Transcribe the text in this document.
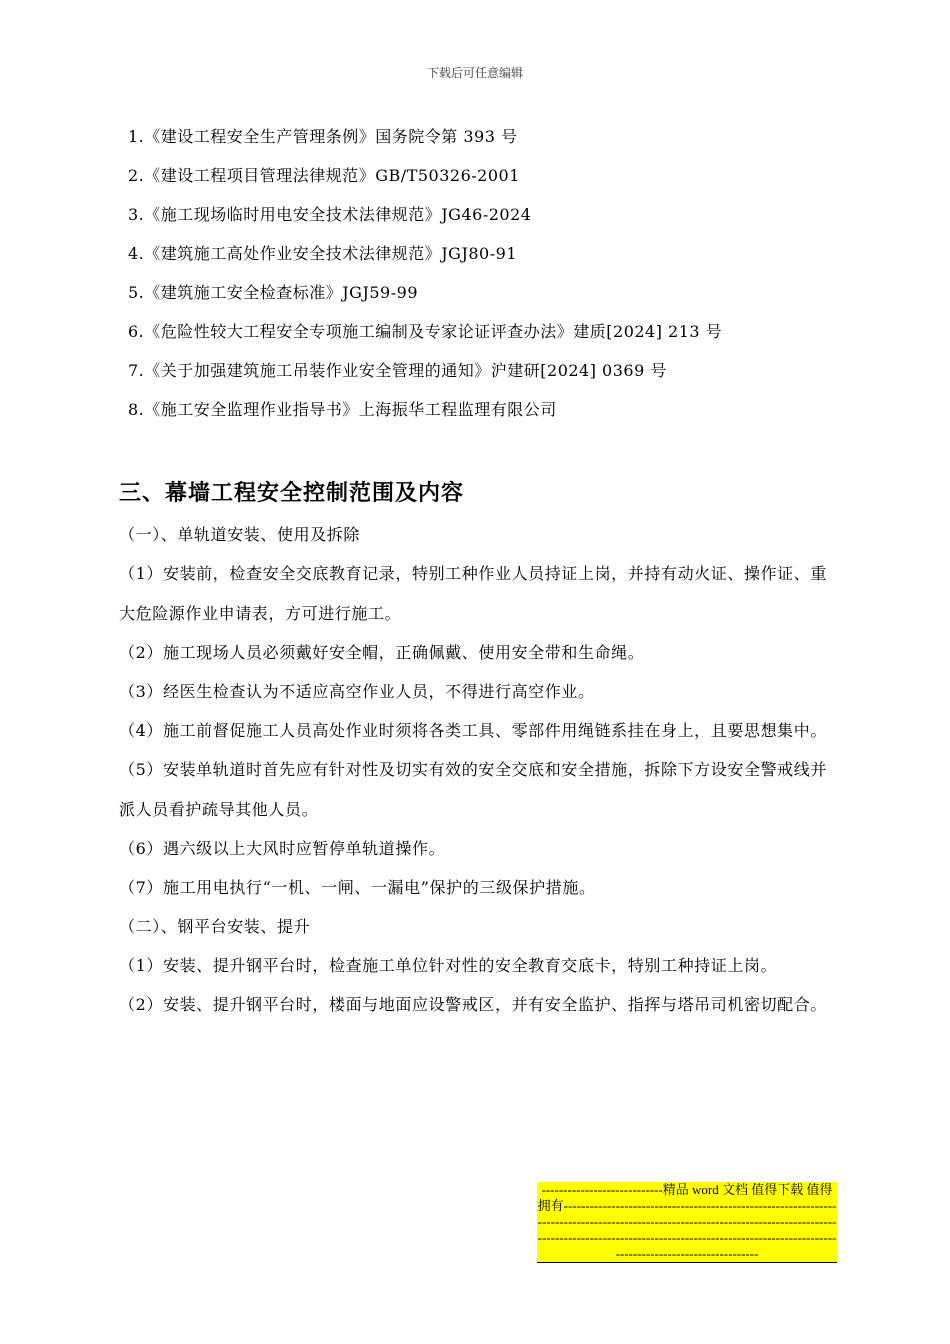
下载后可任意编辑
1.《建设工程安全生产管理条例》国务院令第 393 号
2.《建设工程项目管理法律规范》GB/T50326-2001
3.《施工现场临时用电安全技术法律规范》JG46-2024
4.《建筑施工高处作业安全技术法律规范》JGJ80-91
5.《建筑施工安全检查标准》JGJ59-99
6.《危险性较大工程安全专项施工编制及专家论证评查办法》建质[2024] 213 号
7.《关于加强建筑施工吊装作业安全管理的通知》沪建研[2024] 0369 号
8.《施工安全监理作业指导书》上海振华工程监理有限公司
三、幕墙工程安全控制范围及内容
（一）、单轨道安装、使用及拆除
（1）安装前，检查安全交底教育记录，特别工种作业人员持证上岗，并持有动火证、操作证、重大危险源作业申请表，方可进行施工。
（2）施工现场人员必须戴好安全帽，正确佩戴、使用安全带和生命绳。
（3）经医生检查认为不适应高空作业人员，不得进行高空作业。
（4）施工前督促施工人员高处作业时须将各类工具、零部件用绳链系挂在身上，且要思想集中。
（5）安装单轨道时首先应有针对性及切实有效的安全交底和安全措施，拆除下方设安全警戒线并派人员看护疏导其他人员。
（6）遇六级以上大风时应暂停单轨道操作。
（7）施工用电执行“一机、一闸、一漏电”保护的三级保护措施。
（二）、钢平台安装、提升
（1）安装、提升钢平台时，检查施工单位针对性的安全教育交底卡，特别工种持证上岗。
（2）安装、提升钢平台时，楼面与地面应设警戒区，并有安全监护、指挥与塔吊司机密切配合。
----------------------------精品 word 文档 值得下载 值得拥有------------------------------------------------------------------------------------------------------------------------------------------------------------------------------------------------------------------------------------------
